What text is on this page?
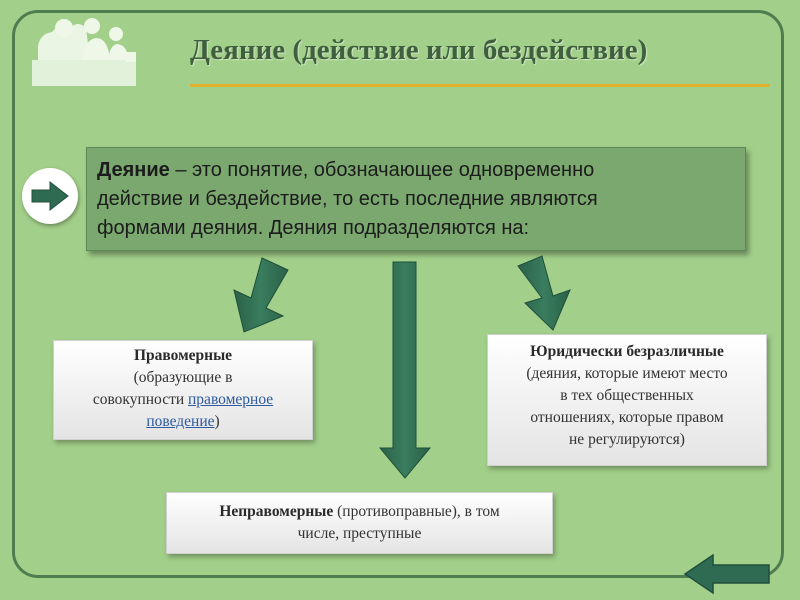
Деяние (действие или бездействие)
Деяние – это понятие, обозначающее одновременно
действие и бездействие, то есть последние являются
формами деяния. Деяния подразделяются на:
Правомерные
(образующие в
совокупности правомерное
поведение)
Юридически безразличные
(деяния, которые имеют место
в тех общественных
отношениях, которые правом
не регулируются)
Неправомерные (противоправные), в том
числе, преступные
